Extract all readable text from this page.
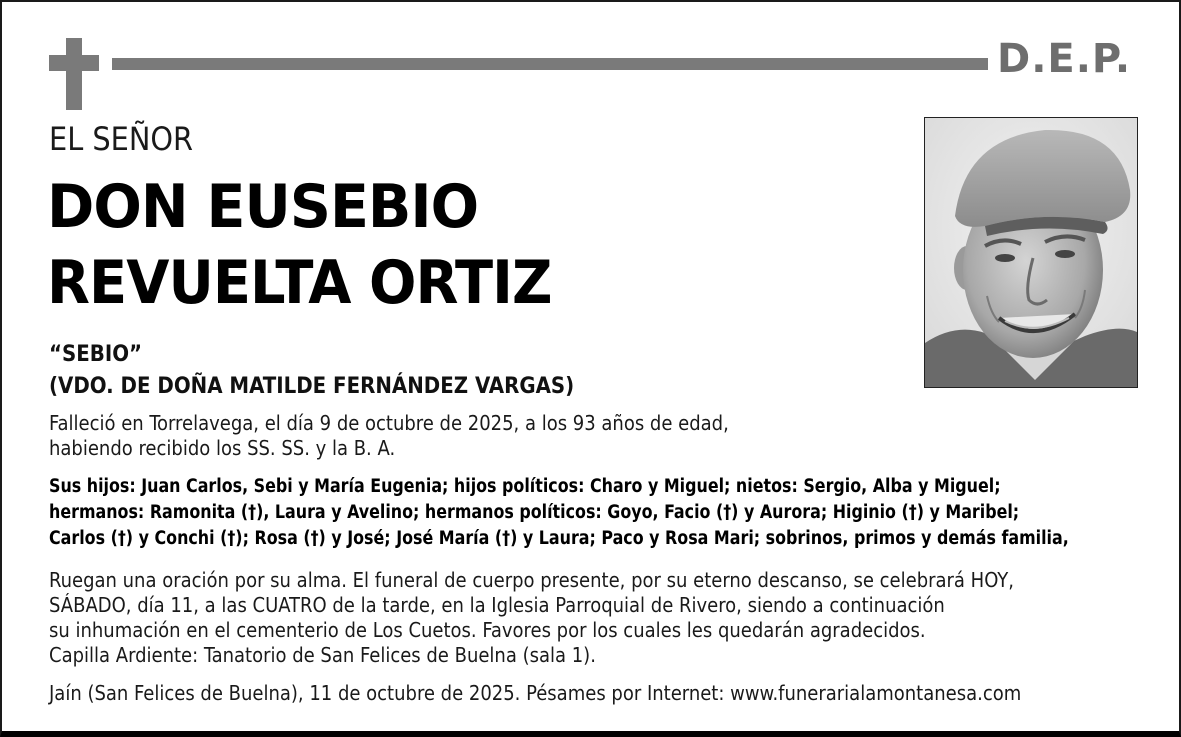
D.E.P.
EL SEÑOR
DON EUSEBIO
REVUELTA ORTIZ
“SEBIO”
(VDO. DE DOÑA MATILDE FERNÁNDEZ VARGAS)
Falleció en Torrelavega, el día 9 de octubre de 2025, a los 93 años de edad,
habiendo recibido los SS. SS. y la B. A.
Sus hijos: Juan Carlos, Sebi y María Eugenia; hijos políticos: Charo y Miguel; nietos: Sergio, Alba y Miguel;
hermanos: Ramonita (†), Laura y Avelino; hermanos políticos: Goyo, Facio (†) y Aurora; Higinio (†) y Maribel;
Carlos (†) y Conchi (†); Rosa (†) y José; José María (†) y Laura; Paco y Rosa Mari; sobrinos, primos y demás familia,
Ruegan una oración por su alma. El funeral de cuerpo presente, por su eterno descanso, se celebrará HOY,
SÁBADO, día 11, a las CUATRO de la tarde, en la Iglesia Parroquial de Rivero, siendo a continuación
su inhumación en el cementerio de Los Cuetos. Favores por los cuales les quedarán agradecidos.
Capilla Ardiente: Tanatorio de San Felices de Buelna (sala 1).
Jaín (San Felices de Buelna), 11 de octubre de 2025. Pésames por Internet: www.funerarialamontanesa.com
